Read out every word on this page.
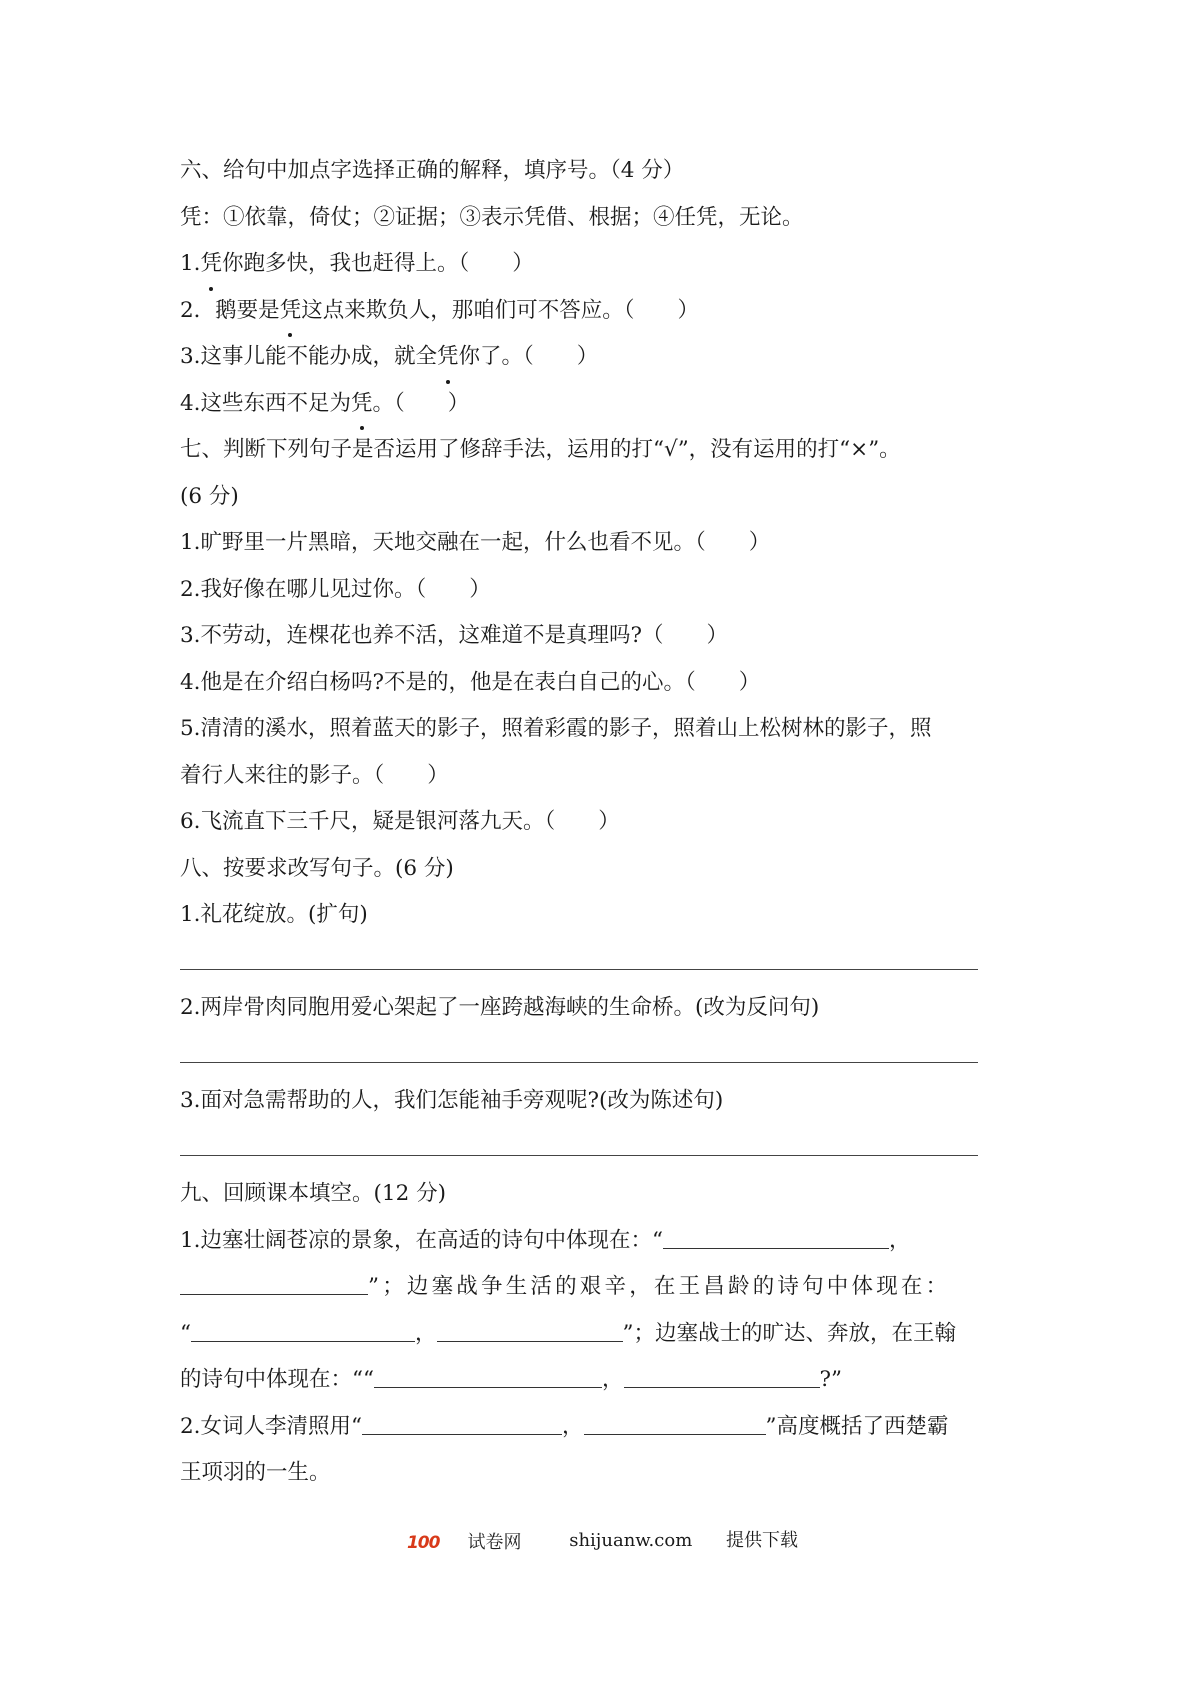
六、给句中加点字选择正确的解释，填序号。（4 分）
凭：①依靠，倚仗；②证据；③表示凭借、根据；④任凭，无论。
1.凭你跑多快，我也赶得上。（　　）
2．鹅要是凭这点来欺负人，那咱们可不答应。（　　）
3.这事儿能不能办成，就全凭你了。（　　）
4.这些东西不足为凭。（　　）
七、判断下列句子是否运用了修辞手法，运用的打“√”，没有运用的打“×”。
(6 分)
1.旷野里一片黑暗，天地交融在一起，什么也看不见。（　　）
2.我好像在哪儿见过你。（　　）
3.不劳动，连棵花也养不活，这难道不是真理吗?（　　）
4.他是在介绍白杨吗?不是的，他是在表白自己的心。（　　）
5.清清的溪水，照着蓝天的影子，照着彩霞的影子，照着山上松树林的影子，照
着行人来往的影子。（　　）
6.飞流直下三千尺，疑是银河落九天。（　　）
八、按要求改写句子。(6 分)
1.礼花绽放。(扩句)
2.两岸骨肉同胞用爱心架起了一座跨越海峡的生命桥。(改为反问句)
3.面对急需帮助的人，我们怎能袖手旁观呢?(改为陈述句)
九、回顾课本填空。(12 分)
1.边塞壮阔苍凉的景象，在高适的诗句中体现在：“	，
”；边塞战争生活的艰辛，在王昌龄的诗句中体现在：
“	，	”；边塞战士的旷达、奔放，在王翰
的诗句中体现在：““	，	?”
2.女词人李清照用“	，	”高度概括了西楚霸
王项羽的一生。
100 试卷网	shijuanw.com 提供下载
